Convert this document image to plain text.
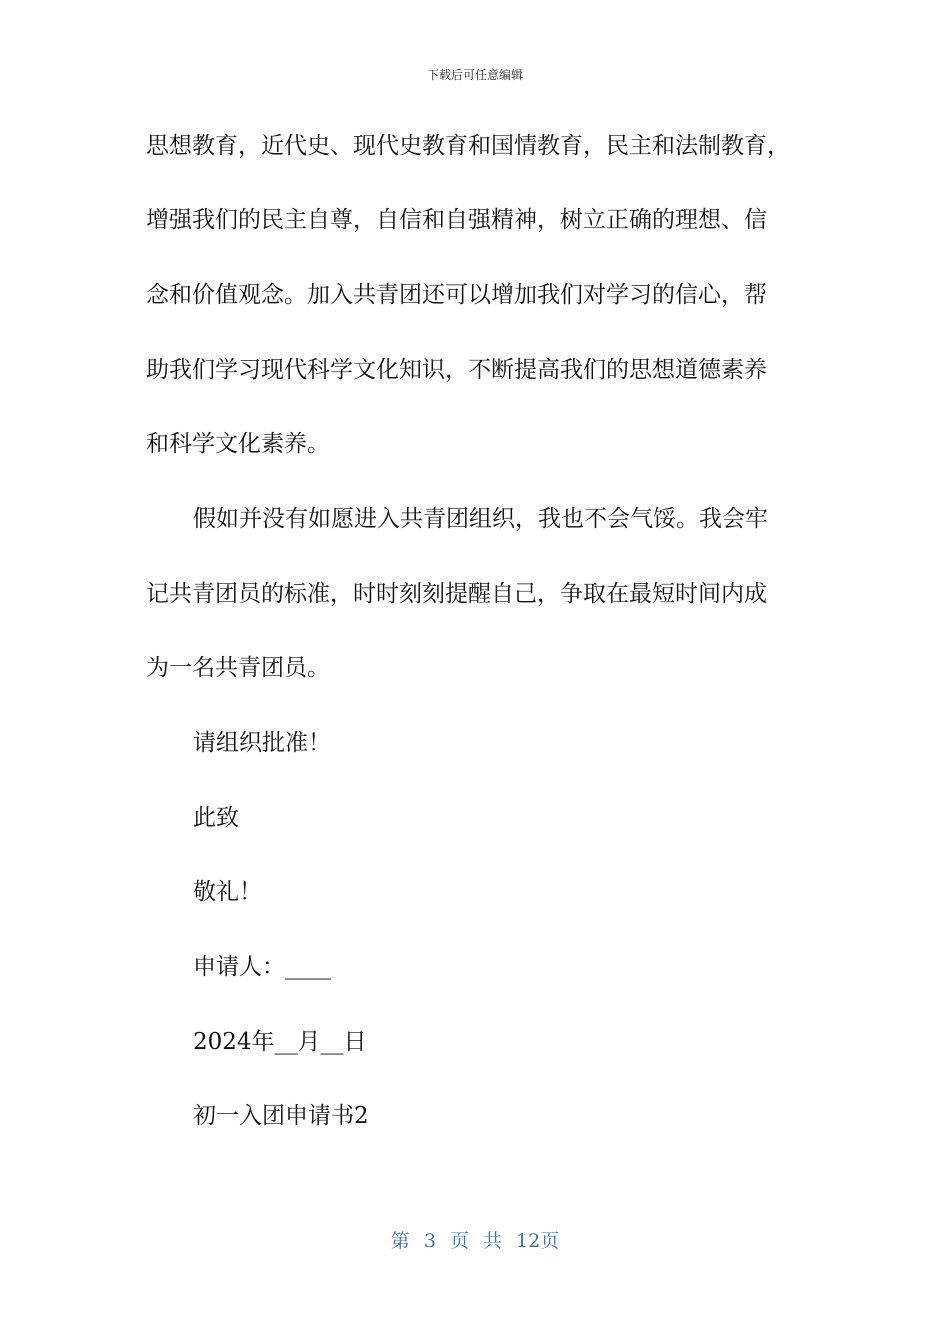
下载后可任意编辑
思想教育，近代史、现代史教育和国情教育，民主和法制教育，
增强我们的民主自尊，自信和自强精神，树立正确的理想、信
念和价值观念。加入共青团还可以增加我们对学习的信心，帮
助我们学习现代科学文化知识，不断提高我们的思想道德素养
和科学文化素养。
假如并没有如愿进入共青团组织，我也不会气馁。我会牢
记共青团员的标准，时时刻刻提醒自己，争取在最短时间内成
为一名共青团员。
请组织批准！
此致
敬礼！
申请人：____
2024年__月__日
初一入团申请书2
第 3 页 共 12页
